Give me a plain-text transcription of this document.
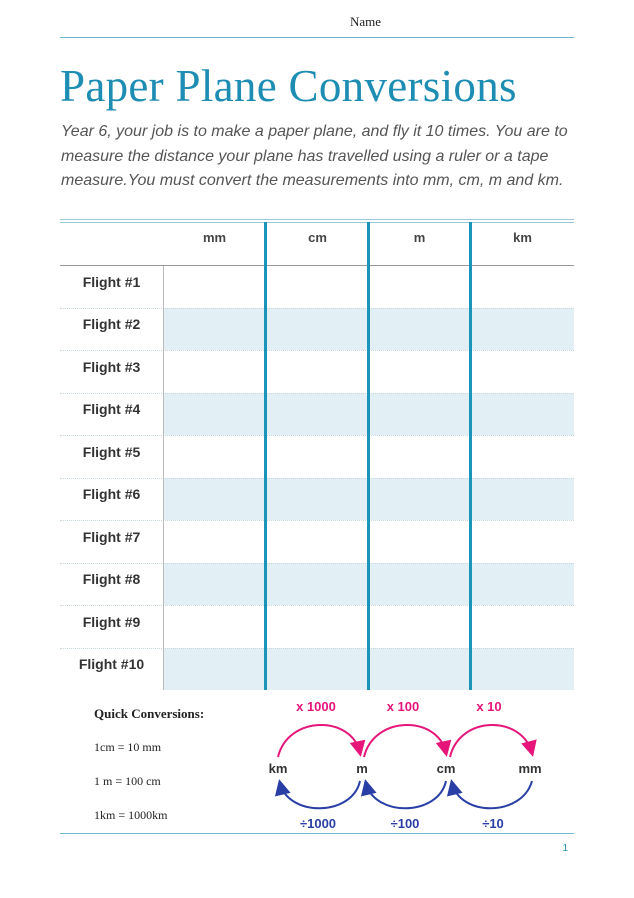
Name
Paper Plane Conversions
Year 6, your job is to make a paper plane, and fly it 10 times. You are to measure the distance your plane has travelled using a ruler or a tape measure.You must convert the measurements into mm, cm, m and km.
mm	cm	m	km
Flight #1
Flight #2
Flight #3
Flight #4
Flight #5
Flight #6
Flight #7
Flight #8
Flight #9
Flight #10
Quick Conversions:
1cm = 10 mm
1 m = 100 cm
1km = 1000km
x 1000	x 100	x 10
km	m	cm	mm
÷1000	÷100	÷10
1
